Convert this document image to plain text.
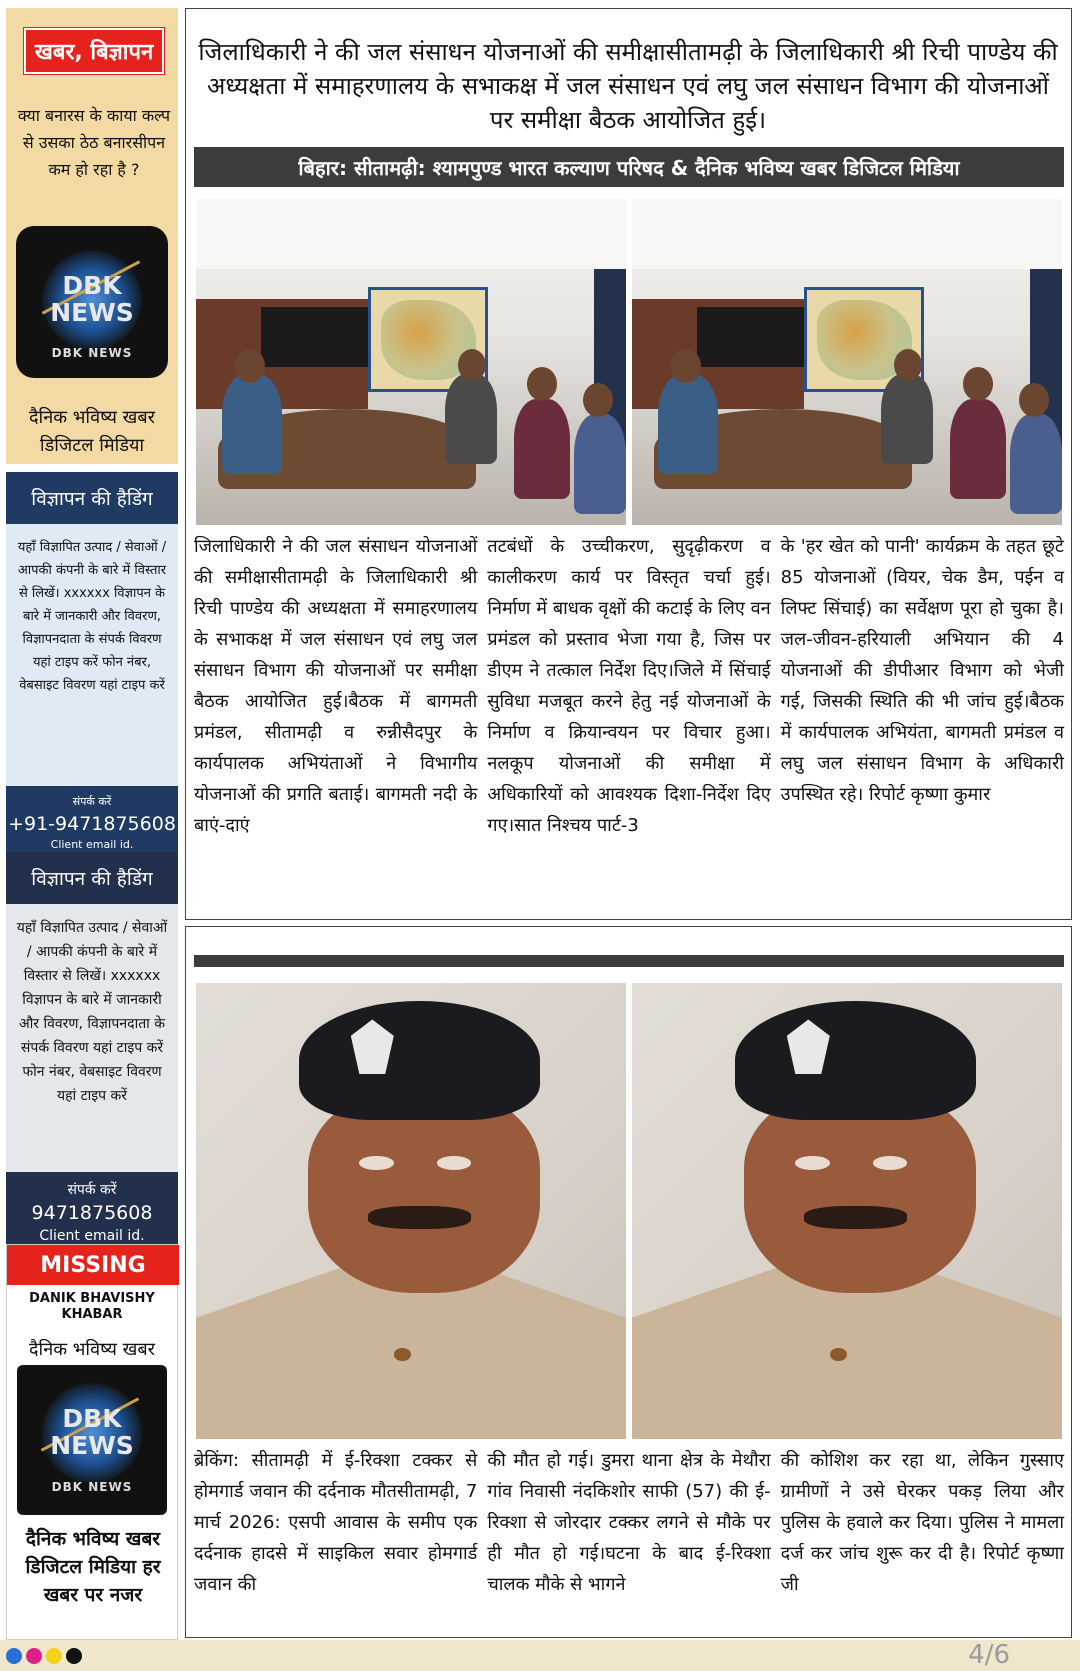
खबर, बिज्ञापन
क्या बनारस के काया कल्प से उसका ठेठ बनारसीपन कम हो रहा है ?
DBK NEWS
DBK NEWS
दैनिक भविष्य खबर डिजिटल मिडिया
विज्ञापन की हैडिंग
यहाँ विज्ञापित उत्पाद / सेवाओं / आपकी कंपनी के बारे में विस्तार से लिखें। xxxxxx विज्ञापन के बारे में जानकारी और विवरण, विज्ञापनदाता के संपर्क विवरण यहां टाइप करें फोन नंबर, वेबसाइट विवरण यहां टाइप करें
संपर्क करें
+91-9471875608
Client email id.
विज्ञापन की हैडिंग
यहाँ विज्ञापित उत्पाद / सेवाओं / आपकी कंपनी के बारे में विस्तार से लिखें। xxxxxx विज्ञापन के बारे में जानकारी और विवरण, विज्ञापनदाता के संपर्क विवरण यहां टाइप करें फोन नंबर, वेबसाइट विवरण यहां टाइप करें
संपर्क करें
9471875608
Client email id.
MISSING
DANIK BHAVISHY KHABAR
दैनिक भविष्य खबर
DBK NEWS
DBK NEWS
दैनिक भविष्य खबर डिजिटल मिडिया हर खबर पर नजर
जिलाधिकारी ने की जल संसाधन योजनाओं की समीक्षासीतामढ़ी के जिलाधिकारी श्री रिची पाण्डेय की अध्यक्षता में समाहरणालय के सभाकक्ष में जल संसाधन एवं लघु जल संसाधन विभाग की योजनाओं पर समीक्षा बैठक आयोजित हुई।
बिहार: सीतामढ़ी: श्यामपुण्ड भारत कल्याण परिषद & दैनिक भविष्य खबर डिजिटल मिडिया
जिलाधिकारी ने की जल संसाधन योजनाओं की समीक्षासीतामढ़ी के जिलाधिकारी श्री रिची पाण्डेय की अध्यक्षता में समाहरणालय के सभाकक्ष में जल संसाधन एवं लघु जल संसाधन विभाग की योजनाओं पर समीक्षा बैठक आयोजित हुई।बैठक में बागमती प्रमंडल, सीतामढ़ी व रुन्नीसैदपुर के कार्यपालक अभियंताओं ने विभागीय योजनाओं की प्रगति बताई। बागमती नदी के बाएं-दाएं
तटबंधों के उच्चीकरण, सुदृढ़ीकरण व कालीकरण कार्य पर विस्तृत चर्चा हुई। निर्माण में बाधक वृक्षों की कटाई के लिए वन प्रमंडल को प्रस्ताव भेजा गया है, जिस पर डीएम ने तत्काल निर्देश दिए।जिले में सिंचाई सुविधा मजबूत करने हेतु नई योजनाओं के निर्माण व क्रियान्वयन पर विचार हुआ। नलकूप योजनाओं की समीक्षा में अधिकारियों को आवश्यक दिशा-निर्देश दिए गए।सात निश्चय पार्ट-3
के 'हर खेत को पानी' कार्यक्रम के तहत छूटे 85 योजनाओं (वियर, चेक डैम, पईन व लिफ्ट सिंचाई) का सर्वेक्षण पूरा हो चुका है। जल-जीवन-हरियाली अभियान की 4 योजनाओं की डीपीआर विभाग को भेजी गई, जिसकी स्थिति की भी जांच हुई।बैठक में कार्यपालक अभियंता, बागमती प्रमंडल व लघु जल संसाधन विभाग के अधिकारी उपस्थित रहे। रिपोर्ट कृष्णा कुमार
ब्रेकिंग: सीतामढ़ी में ई-रिक्शा टक्कर से होमगार्ड जवान की दर्दनाक मौतसीतामढ़ी, 7 मार्च 2026: एसपी आवास के समीप एक दर्दनाक हादसे में साइकिल सवार होमगार्ड जवान की
की मौत हो गई। डुमरा थाना क्षेत्र के मेथौरा गांव निवासी नंदकिशोर साफी (57) की ई-रिक्शा से जोरदार टक्कर लगने से मौके पर ही मौत हो गई।घटना के बाद ई-रिक्शा चालक मौके से भागने
की कोशिश कर रहा था, लेकिन गुस्साए ग्रामीणों ने उसे घेरकर पकड़ लिया और पुलिस के हवाले कर दिया। पुलिस ने मामला दर्ज कर जांच शुरू कर दी है। रिपोर्ट कृष्णा जी
4/6
